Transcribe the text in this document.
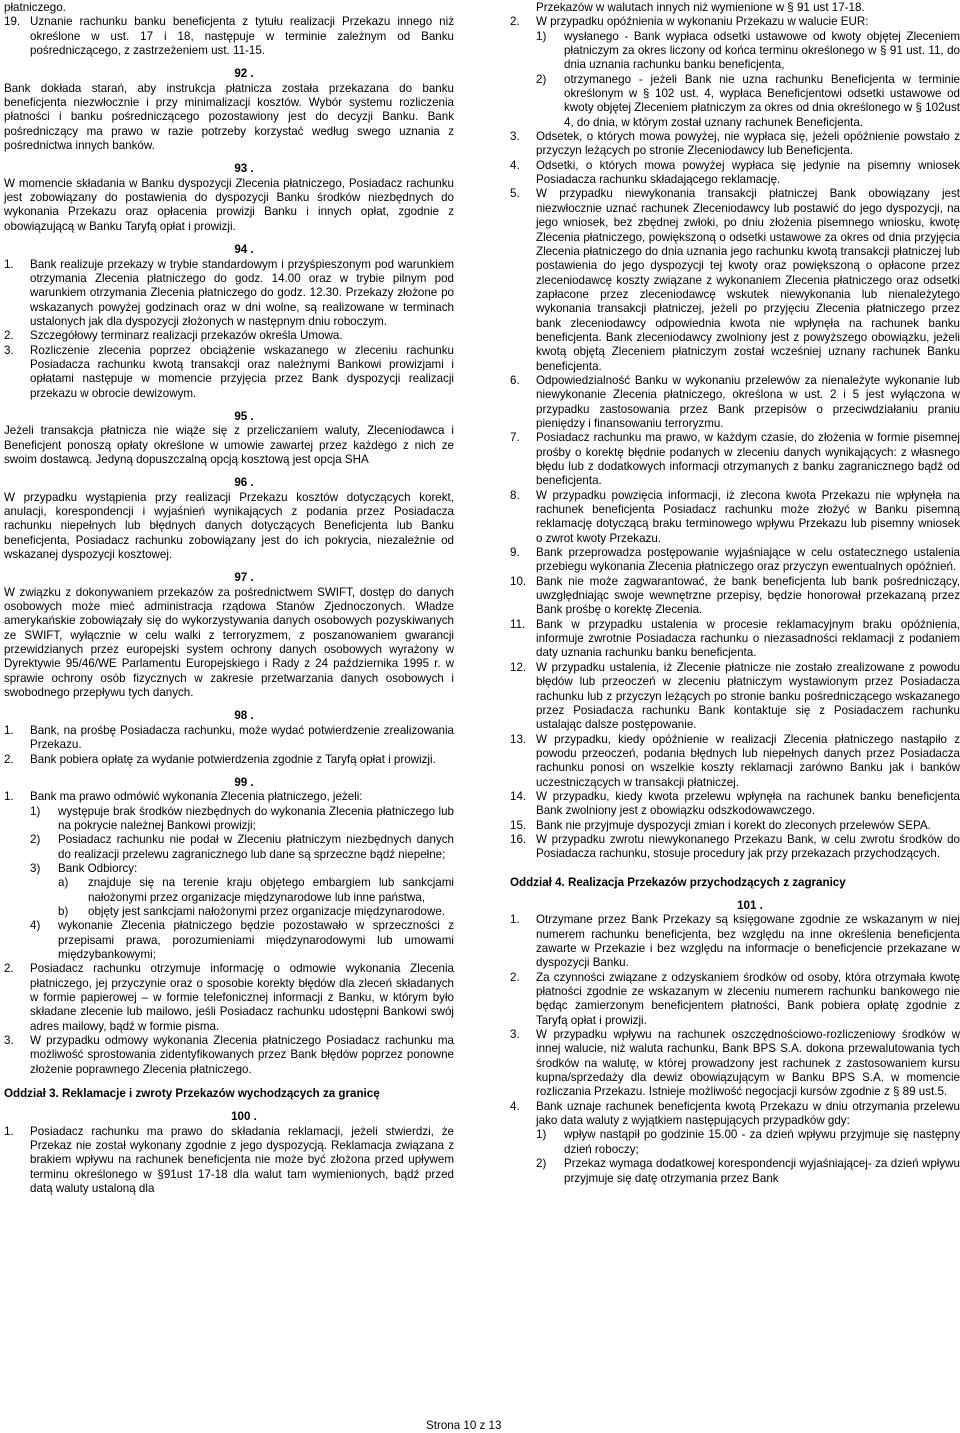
płatniczego.

19. Uznanie rachunku banku beneficjenta z tytułu realizacji Przekazu innego niż określone w ust. 17 i 18, następuje w terminie zależnym od Banku pośredniczącego, z zastrzeżeniem ust. 11-15.

92 .

Bank dokłada starań, aby instrukcja płatnicza została przekazana do banku beneficjenta niezwłocznie i przy minimalizacji kosztów. Wybór systemu rozliczenia płatności i banku pośredniczącego pozostawiony jest do decyzji Banku. Bank pośredniczący ma prawo w razie potrzeby korzystać według swego uznania z pośrednictwa innych banków.

93 .

W momencie składania w Banku dyspozycji Zlecenia płatniczego, Posiadacz rachunku jest zobowiązany do postawienia do dyspozycji Banku środków niezbędnych do wykonania Przekazu oraz opłacenia prowizji Banku i innych opłat, zgodnie z obowiązującą w Banku Taryfą opłat i prowizji.

94 .

1.	Bank realizuje przekazy w trybie standardowym i przyśpieszonym pod warunkiem otrzymania Zlecenia płatniczego do godz. 14.00 oraz w trybie pilnym pod warunkiem otrzymania Zlecenia płatniczego do godz. 12.30. Przekazy złożone po wskazanych powyżej godzinach oraz w dni wolne, są realizowane w terminach ustalonych jak dla dyspozycji złożonych w następnym dniu roboczym.
2.	Szczegółowy terminarz realizacji przekazów określa Umowa.
3.	Rozliczenie zlecenia poprzez obciążenie wskazanego w zleceniu rachunku Posiadacza rachunku kwotą transakcji oraz należnymi Bankowi prowizjami i opłatami następuje w momencie przyjęcia przez Bank dyspozycji realizacji przekazu w obrocie dewizowym.

95 .

Jeżeli transakcja płatnicza nie wiąże się z przeliczaniem waluty, Zleceniodawca i Beneficjent ponoszą opłaty określone w umowie zawartej przez każdego z nich ze swoim dostawcą. Jedyną dopuszczalną opcją kosztową jest opcja SHA

96 .

W przypadku wystąpienia przy realizacji Przekazu kosztów dotyczących korekt, anulacji, korespondencji i wyjaśnień wynikających z podania przez Posiadacza rachunku niepełnych lub błędnych danych dotyczących Beneficjenta lub Banku beneficjenta, Posiadacz rachunku zobowiązany jest do ich pokrycia, niezależnie od wskazanej dyspozycji kosztowej.

97 .

W związku z dokonywaniem przekazów za pośrednictwem SWIFT, dostęp do danych osobowych może mieć administracja rządowa Stanów Zjednoczonych. Władze amerykańskie zobowiązały się do wykorzystywania danych osobowych pozyskiwanych ze SWIFT, wyłącznie w celu walki z terroryzmem, z poszanowaniem gwarancji przewidzianych przez europejski system ochrony danych osobowych wyrażony w Dyrektywie 95/46/WE Parlamentu Europejskiego i Rady z 24 października 1995 r. w sprawie ochrony osób fizycznych w zakresie przetwarzania danych osobowych i swobodnego przepływu tych danych.

98 .

1.	Bank, na prośbę Posiadacza rachunku, może wydać potwierdzenie zrealizowania Przekazu.
2.	Bank pobiera opłatę za wydanie potwierdzenia zgodnie z Taryfą opłat i prowizji.

99 .

1.	Bank ma prawo odmówić wykonania Zlecenia płatniczego, jeżeli:
1)	występuje brak środków niezbędnych do wykonania Zlecenia płatniczego lub na pokrycie należnej Bankowi prowizji;
2)	Posiadacz rachunku nie podał w Zleceniu płatniczym niezbędnych danych do realizacji przelewu zagranicznego lub dane są sprzeczne bądź niepełne;
3)	Bank Odbiorcy:
a)	znajduje się na terenie kraju objętego embargiem lub sankcjami nałożonymi przez organizacje międzynarodowe lub inne państwa,
b)	objęty jest sankcjami nałożonymi przez organizacje międzynarodowe.
4)	wykonanie Zlecenia płatniczego będzie pozostawało w sprzeczności z przepisami prawa, porozumieniami międzynarodowymi lub umowami międzybankowymi;
2.	Posiadacz rachunku otrzymuje informację o odmowie wykonania Zlecenia płatniczego, jej przyczynie oraz o sposobie korekty błędów dla zleceń składanych w formie papierowej – w formie telefonicznej informacji z Banku, w którym było składane zlecenie lub mailowo, jeśli Posiadacz rachunku udostępni Bankowi swój adres mailowy, bądź w formie pisma.
3.	W przypadku odmowy wykonania Zlecenia płatniczego Posiadacz rachunku ma możliwość sprostowania zidentyfikowanych przez Bank błędów poprzez ponowne złożenie poprawnego Zlecenia płatniczego.

Oddział 3. Reklamacje i zwroty Przekazów wychodzących za granicę

100 .

1.	Posiadacz rachunku ma prawo do składania reklamacji, jeżeli stwierdzi, że Przekaz nie został wykonany zgodnie z jego dyspozycją. Reklamacja związana z brakiem wpływu na rachunek beneficjenta nie może być złożona przed upływem terminu określonego w §91ust 17-18 dla walut tam wymienionych, bądź przed datą waluty ustaloną dla

Przekazów w walutach innych niż wymienione w § 91 ust 17-18.

2.	W przypadku opóźnienia w wykonaniu Przekazu w walucie EUR:
1)	wysłanego - Bank wypłaca odsetki ustawowe od kwoty objętej Zleceniem płatniczym za okres liczony od końca terminu określonego w § 91 ust. 11, do dnia uznania rachunku banku beneficjenta,
2)	otrzymanego - jeżeli Bank nie uzna rachunku Beneficjenta w terminie określonym w § 102 ust. 4, wypłaca Beneficjentowi odsetki ustawowe od kwoty objętej Zleceniem płatniczym za okres od dnia określonego w § 102ust 4, do dnia, w którym został uznany rachunek Beneficjenta.
3.	Odsetek, o których mowa powyżej, nie wypłaca się, jeżeli opóźnienie powstało z przyczyn leżących po stronie Zleceniodawcy lub Beneficjenta.
4.	Odsetki, o których mowa powyżej wypłaca się jedynie na pisemny wniosek Posiadacza rachunku składającego reklamację.
5.	W przypadku niewykonania transakcji płatniczej Bank obowiązany jest niezwłocznie uznać rachunek Zleceniodawcy lub postawić do jego dyspozycji, na jego wniosek, bez zbędnej zwłoki, po dniu złożenia pisemnego wniosku, kwotę Zlecenia płatniczego, powiększoną o odsetki ustawowe za okres od dnia przyjęcia Zlecenia płatniczego do dnia uznania jego rachunku kwotą transakcji płatniczej lub postawienia do jego dyspozycji tej kwoty oraz powiększoną o opłacone przez zleceniodawcę koszty związane z wykonaniem Zlecenia płatniczego oraz odsetki zapłacone przez zleceniodawcę wskutek niewykonania lub nienależytego wykonania transakcji płatniczej, jeżeli po przyjęciu Zlecenia płatniczego przez bank zleceniodawcy odpowiednia kwota nie wpłynęła na rachunek banku beneficjenta. Bank zleceniodawcy zwolniony jest z powyższego obowiązku, jeżeli kwotą objętą Zleceniem płatniczym został wcześniej uznany rachunek Banku beneficjenta.
6.	Odpowiedzialność Banku w wykonaniu przelewów za nienależyte wykonanie lub niewykonanie Zlecenia płatniczego, określona w ust. 2 i 5 jest wyłączona w przypadku zastosowania przez Bank przepisów o przeciwdziałaniu praniu pieniędzy i finansowaniu terroryzmu.
7.	Posiadacz rachunku ma prawo, w każdym czasie, do złożenia w formie pisemnej prośby o korektę błędnie podanych w zleceniu danych wynikających: z własnego błędu lub z dodatkowych informacji otrzymanych z banku zagranicznego bądź od beneficjenta.
8.	W przypadku powzięcia informacji, iż zlecona kwota Przekazu nie wpłynęła na rachunek beneficjenta Posiadacz rachunku może złożyć w Banku pisemną reklamację dotyczącą braku terminowego wpływu Przekazu lub pisemny wniosek o zwrot kwoty Przekazu.
9.	Bank przeprowadza postępowanie wyjaśniające w celu ostatecznego ustalenia przebiegu wykonania Zlecenia płatniczego oraz przyczyn ewentualnych opóźnień.
10. Bank nie może zagwarantować, że bank beneficjenta lub bank pośredniczący, uwzględniając swoje wewnętrzne przepisy, będzie honorował przekazaną przez Bank prośbę o korektę Zlecenia.
11. Bank w przypadku ustalenia w procesie reklamacyjnym braku opóźnienia, informuje zwrotnie Posiadacza rachunku o niezasadności reklamacji z podaniem daty uznania rachunku banku beneficjenta.
12. W przypadku ustalenia, iż Zlecenie płatnicze nie zostało zrealizowane z powodu błędów lub przeoczeń w zleceniu płatniczym wystawionym przez Posiadacza rachunku lub z przyczyn leżących po stronie banku pośredniczącego wskazanego przez Posiadacza rachunku Bank kontaktuje się z Posiadaczem rachunku ustalając dalsze postępowanie.
13. W przypadku, kiedy opóźnienie w realizacji Zlecenia płatniczego nastąpiło z powodu przeoczeń, podania błędnych lub niepełnych danych przez Posiadacza rachunku ponosi on wszelkie koszty reklamacji zarówno Banku jak i banków uczestniczących w transakcji płatniczej.
14. W przypadku, kiedy kwota przelewu wpłynęła na rachunek banku beneficjenta Bank zwolniony jest z obowiązku odszkodowawczego.
15. Bank nie przyjmuje dyspozycji zmian i korekt do zleconych przelewów SEPA.
16. W przypadku zwrotu niewykonanego Przekazu Bank, w celu zwrotu środków do Posiadacza rachunku, stosuje procedury jak przy przekazach przychodzących.

Oddział 4. Realizacja Przekazów przychodzących z zagranicy

101 .

1.	Otrzymane przez Bank Przekazy są księgowane zgodnie ze wskazanym w niej numerem rachunku beneficjenta, bez względu na inne określenia beneficjenta zawarte w Przekazie i bez względu na informacje o beneficjencie przekazane w dyspozycji Banku.
2.	Za czynności związane z odzyskaniem środków od osoby, która otrzymała kwotę płatności zgodnie ze wskazanym w zleceniu numerem rachunku bankowego nie będąc zamierzonym beneficjentem płatności, Bank pobiera opłatę zgodnie z Taryfą opłat i prowizji.
3.	W przypadku wpływu na rachunek oszczędnościowo-rozliczeniowy środków w innej walucie, niż waluta rachunku, Bank BPS S.A. dokona przewalutowania tych środków na walutę, w której prowadzony jest rachunek z zastosowaniem kursu kupna/sprzedaży dla dewiz obowiązującym w Banku BPS S.A. w momencie rozliczania Przekazu. Istnieje możliwość negocjacji kursów zgodnie z § 89 ust.5.
4.	Bank uznaje rachunek beneficjenta kwotą Przekazu w dniu otrzymania przelewu jako data waluty z wyjątkiem następujących przypadków gdy:
1)	wpływ nastąpił po godzinie 15.00 - za dzień wpływu przyjmuje się następny dzień roboczy;
2)	Przekaz wymaga dodatkowej korespondencji wyjaśniającej- za dzień wpływu przyjmuje się datę otrzymania przez Bank
Strona 10 z 13
